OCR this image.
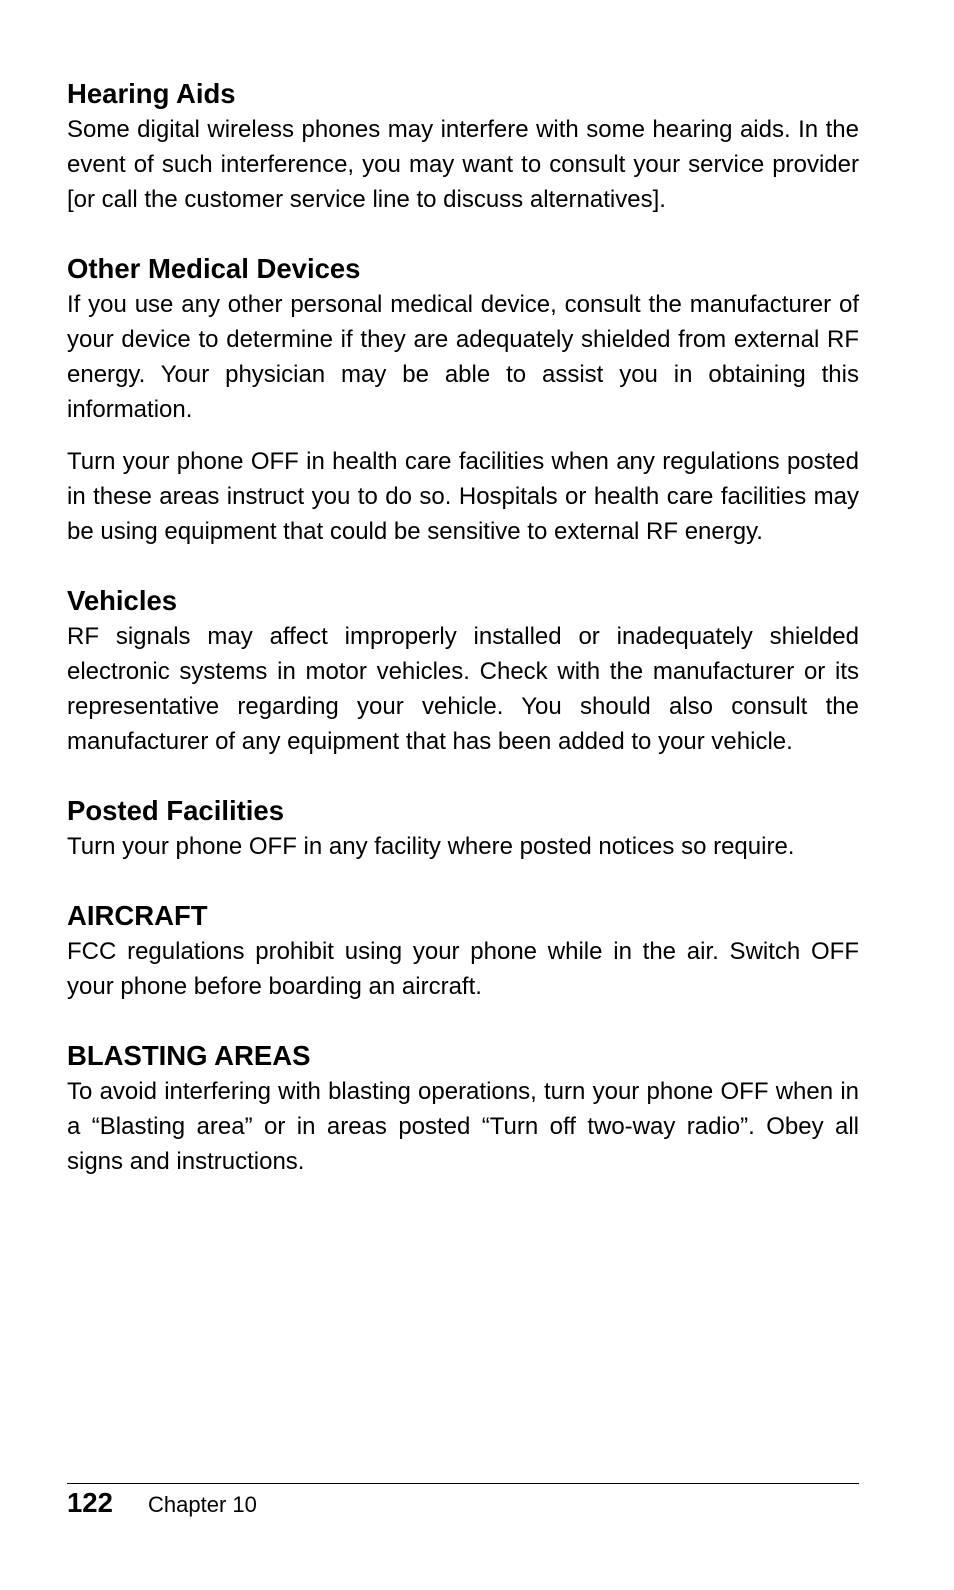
Hearing Aids

Some digital wireless phones may interfere with some hearing aids. In the event of such interference, you may want to consult your service provider [or call the customer service line to discuss alternatives].

Other Medical Devices

If you use any other personal medical device, consult the manufacturer of your device to determine if they are adequately shielded from external RF energy. Your physician may be able to assist you in obtaining this information.

Turn your phone OFF in health care facilities when any regulations posted in these areas instruct you to do so. Hospitals or health care facilities may be using equipment that could be sensitive to external RF energy.

Vehicles

RF signals may affect improperly installed or inadequately shielded electronic systems in motor vehicles. Check with the manufacturer or its representative regarding your vehicle. You should also consult the manufacturer of any equipment that has been added to your vehicle.

Posted Facilities

Turn your phone OFF in any facility where posted notices so require.

AIRCRAFT

FCC regulations prohibit using your phone while in the air. Switch OFF your phone before boarding an aircraft.

BLASTING AREAS

To avoid interfering with blasting operations, turn your phone OFF when in a “Blasting area” or in areas posted “Turn off two-way radio”. Obey all signs and instructions.

122 Chapter 10
